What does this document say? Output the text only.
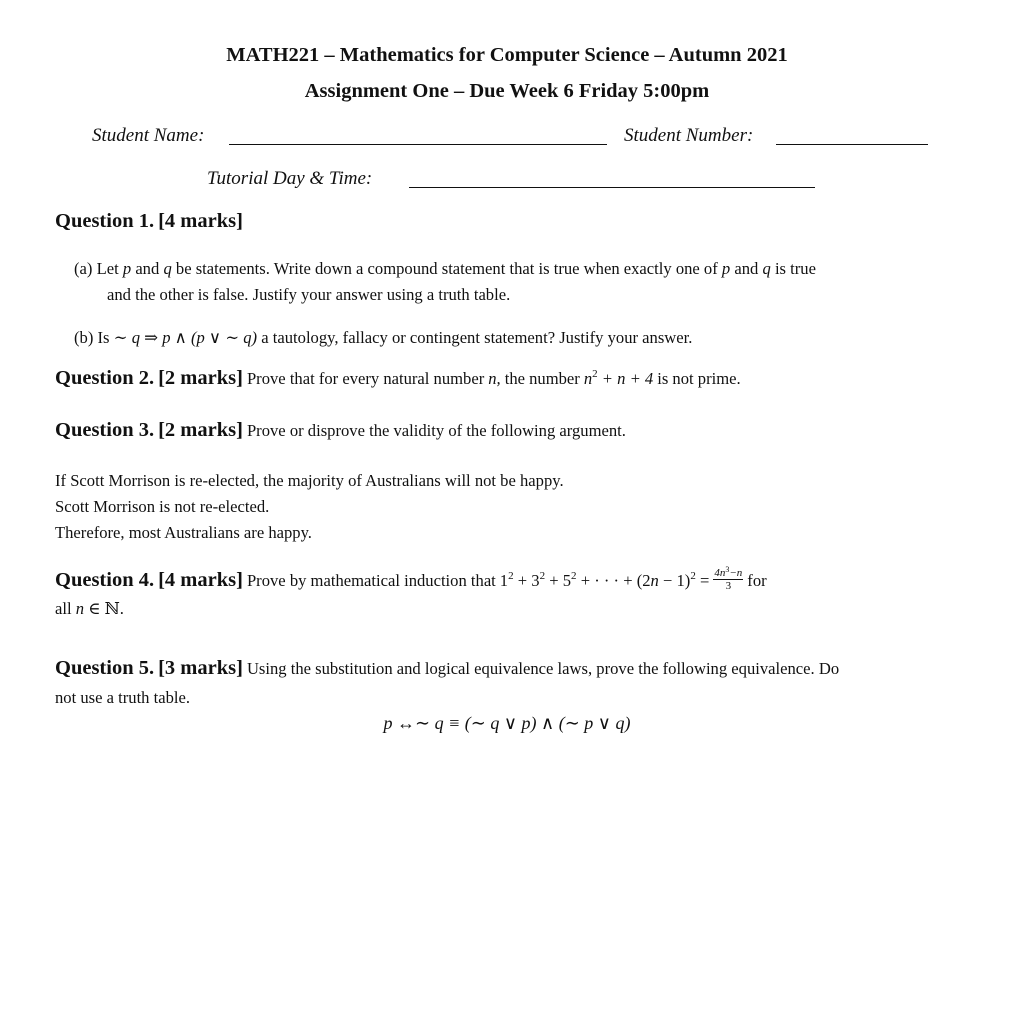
MATH221 – Mathematics for Computer Science – Autumn 2021
Assignment One – Due Week 6 Friday 5:00pm
Student Name:	Student Number:
Tutorial Day & Time:
Question 1. [4 marks]
(a) Let p and q be statements. Write down a compound statement that is true when exactly one of p and q is true
and the other is false. Justify your answer using a truth table.
(b) Is ∼ q ⇒ p ∧ (p ∨ ∼ q) a tautology, fallacy or contingent statement? Justify your answer.
Question 2. [2 marks] Prove that for every natural number n, the number $n^2 + n + 4$ is not prime.
Question 3. [2 marks] Prove or disprove the validity of the following argument.
If Scott Morrison is re-elected, the majority of Australians will not be happy.
Scott Morrison is not re-elected.
Therefore, most Australians are happy.
Question 4. [4 marks] Prove by mathematical induction that $1^2 + 3^2 + 5^2$ + · · · + $(2n - 1)^2 = \frac{4n^3-n}{3}$ for
all n ∈ ℕ.
Question 5. [3 marks] Using the substitution and logical equivalence laws, prove the following equivalence. Do
not use a truth table.
p ↔∼ q ≡ (∼ q ∨ p) ∧ (∼ p ∨ q)
